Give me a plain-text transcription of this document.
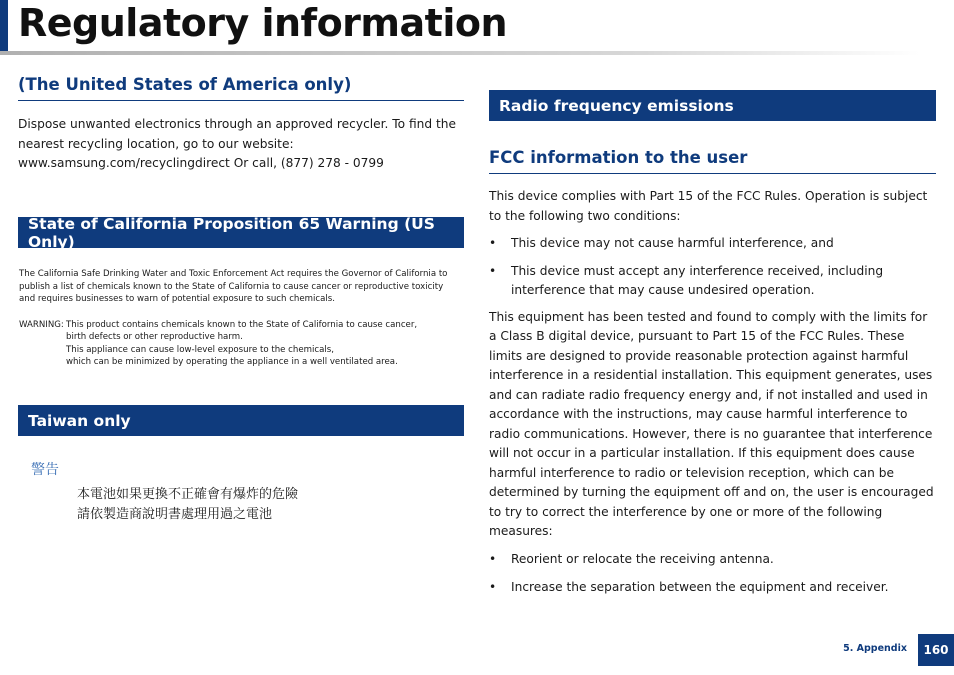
Regulatory information
(The United States of America only)

Dispose unwanted electronics through an approved recycler. To find the nearest recycling location, go to our website: www.samsung.com/recyclingdirect Or call, (877) 278 - 0799

State of California Proposition 65 Warning (US Only)

The California Safe Drinking Water and Toxic Enforcement Act requires the Governor of California to publish a list of chemicals known to the State of California to cause cancer or reproductive toxicity and requires businesses to warn of potential exposure to such chemicals.

WARNING: This product contains chemicals known to the State of California to cause cancer,

birth defects or other reproductive harm.

This appliance can cause low-level exposure to the chemicals,

which can be minimized by operating the appliance in a well ventilated area.

Taiwan only

警告

本電池如果更換不正確會有爆炸的危險

請依製造商說明書處理用過之電池

Radio frequency emissions
FCC information to the user

This device complies with Part 15 of the FCC Rules. Operation is subject to the following two conditions:

• This device may not cause harmful interference, and

• This device must accept any interference received, including interference that may cause undesired operation.

This equipment has been tested and found to comply with the limits for a Class B digital device, pursuant to Part 15 of the FCC Rules. These limits are designed to provide reasonable protection against harmful interference in a residential installation. This equipment generates, uses and can radiate radio frequency energy and, if not installed and used in accordance with the instructions, may cause harmful interference to radio communications. However, there is no guarantee that interference will not occur in a particular installation. If this equipment does cause harmful interference to radio or television reception, which can be determined by turning the equipment off and on, the user is encouraged to try to correct the interference by one or more of the following measures:

• Reorient or relocate the receiving antenna.

• Increase the separation between the equipment and receiver.

5. Appendix	160
